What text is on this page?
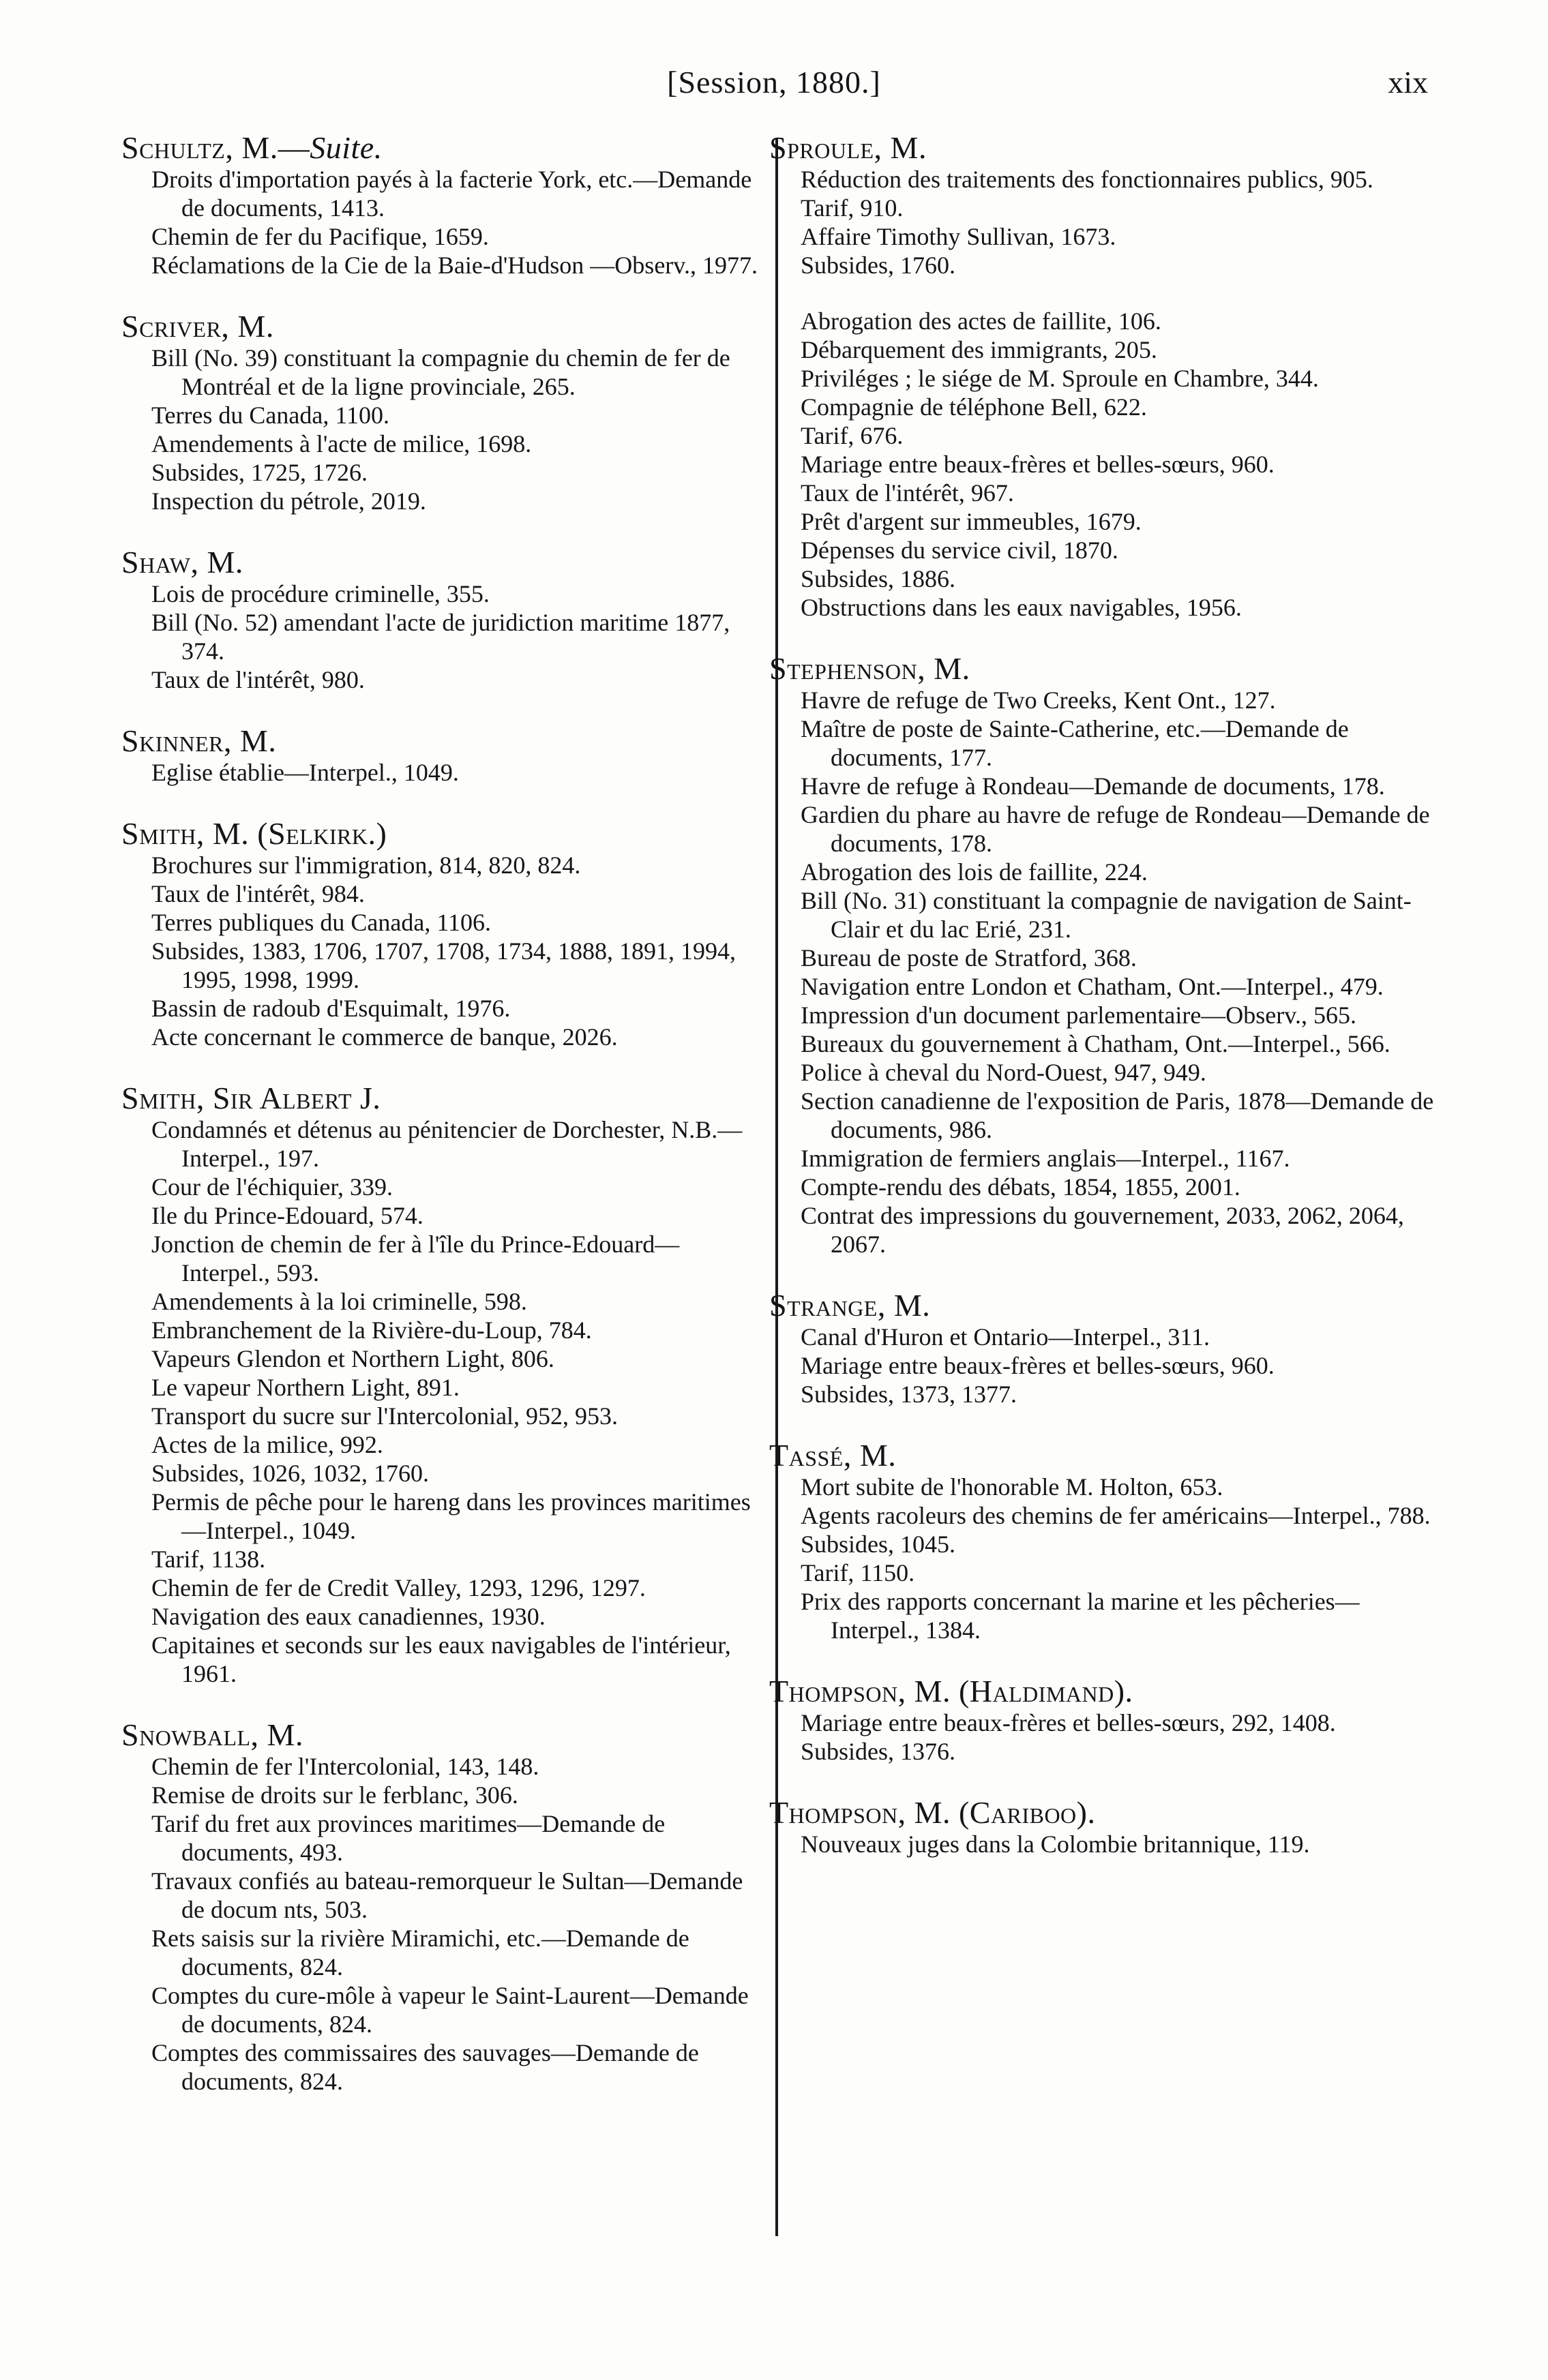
[Session, 1880.]	xix
Schultz, M.—Suite.
Droits d'importation payés à la facterie York, etc.—Demande de documents, 1413.
Chemin de fer du Pacifique, 1659.
Réclamations de la Cie de la Baie-d'Hudson —Observ., 1977.
Scriver, M.
Bill (No. 39) constituant la compagnie du chemin de fer de Montréal et de la ligne provinciale, 265.
Terres du Canada, 1100.
Amendements à l'acte de milice, 1698.
Subsides, 1725, 1726.
Inspection du pétrole, 2019.
Shaw, M.
Lois de procédure criminelle, 355.
Bill (No. 52) amendant l'acte de juridiction maritime 1877, 374.
Taux de l'intérêt, 980.
Skinner, M.
Eglise établie—Interpel., 1049.
Smith, M. (Selkirk.)
Brochures sur l'immigration, 814, 820, 824.
Taux de l'intérêt, 984.
Terres publiques du Canada, 1106.
Subsides, 1383, 1706, 1707, 1708, 1734, 1888, 1891, 1994, 1995, 1998, 1999.
Bassin de radoub d'Esquimalt, 1976.
Acte concernant le commerce de banque, 2026.
Smith, Sir Albert J.
Condamnés et détenus au pénitencier de Dorchester, N.B.—Interpel., 197.
Cour de l'échiquier, 339.
Ile du Prince-Edouard, 574.
Jonction de chemin de fer à l'île du Prince-Edouard—Interpel., 593.
Amendements à la loi criminelle, 598.
Embranchement de la Rivière-du-Loup, 784.
Vapeurs Glendon et Northern Light, 806.
Le vapeur Northern Light, 891.
Transport du sucre sur l'Intercolonial, 952, 953.
Actes de la milice, 992.
Subsides, 1026, 1032, 1760.
Permis de pêche pour le hareng dans les provinces maritimes—Interpel., 1049.
Tarif, 1138.
Chemin de fer de Credit Valley, 1293, 1296, 1297.
Navigation des eaux canadiennes, 1930.
Capitaines et seconds sur les eaux navigables de l'intérieur, 1961.
Snowball, M.
Chemin de fer l'Intercolonial, 143, 148.
Remise de droits sur le ferblanc, 306.
Tarif du fret aux provinces maritimes—Demande de documents, 493.
Travaux confiés au bateau-remorqueur le Sultan—Demande de docum nts, 503.
Rets saisis sur la rivière Miramichi, etc.—Demande de documents, 824.
Comptes du cure-môle à vapeur le Saint-Laurent—Demande de documents, 824.
Comptes des commissaires des sauvages—Demande de documents, 824.
Sproule, M.
Réduction des traitements des fonctionnaires publics, 905.
Tarif, 910.
Affaire Timothy Sullivan, 1673.
Subsides, 1760.
Abrogation des actes de faillite, 106.
Débarquement des immigrants, 205.
Priviléges ; le siége de M. Sproule en Chambre, 344.
Compagnie de téléphone Bell, 622.
Tarif, 676.
Mariage entre beaux-frères et belles-sœurs, 960.
Taux de l'intérêt, 967.
Prêt d'argent sur immeubles, 1679.
Dépenses du service civil, 1870.
Subsides, 1886.
Obstructions dans les eaux navigables, 1956.
Stephenson, M.
Havre de refuge de Two Creeks, Kent Ont., 127.
Maître de poste de Sainte-Catherine, etc.—Demande de documents, 177.
Havre de refuge à Rondeau—Demande de documents, 178.
Gardien du phare au havre de refuge de Rondeau—Demande de documents, 178.
Abrogation des lois de faillite, 224.
Bill (No. 31) constituant la compagnie de navigation de Saint-Clair et du lac Erié, 231.
Bureau de poste de Stratford, 368.
Navigation entre London et Chatham, Ont.—Interpel., 479.
Impression d'un document parlementaire—Observ., 565.
Bureaux du gouvernement à Chatham, Ont.—Interpel., 566.
Police à cheval du Nord-Ouest, 947, 949.
Section canadienne de l'exposition de Paris, 1878—Demande de documents, 986.
Immigration de fermiers anglais—Interpel., 1167.
Compte-rendu des débats, 1854, 1855, 2001.
Contrat des impressions du gouvernement, 2033, 2062, 2064, 2067.
Strange, M.
Canal d'Huron et Ontario—Interpel., 311.
Mariage entre beaux-frères et belles-sœurs, 960.
Subsides, 1373, 1377.
Tassé, M.
Mort subite de l'honorable M. Holton, 653.
Agents racoleurs des chemins de fer américains—Interpel., 788.
Subsides, 1045.
Tarif, 1150.
Prix des rapports concernant la marine et les pêcheries—Interpel., 1384.
Thompson, M. (Haldimand).
Mariage entre beaux-frères et belles-sœurs, 292, 1408.
Subsides, 1376.
Thompson, M. (Cariboo).
Nouveaux juges dans la Colombie britannique, 119.
